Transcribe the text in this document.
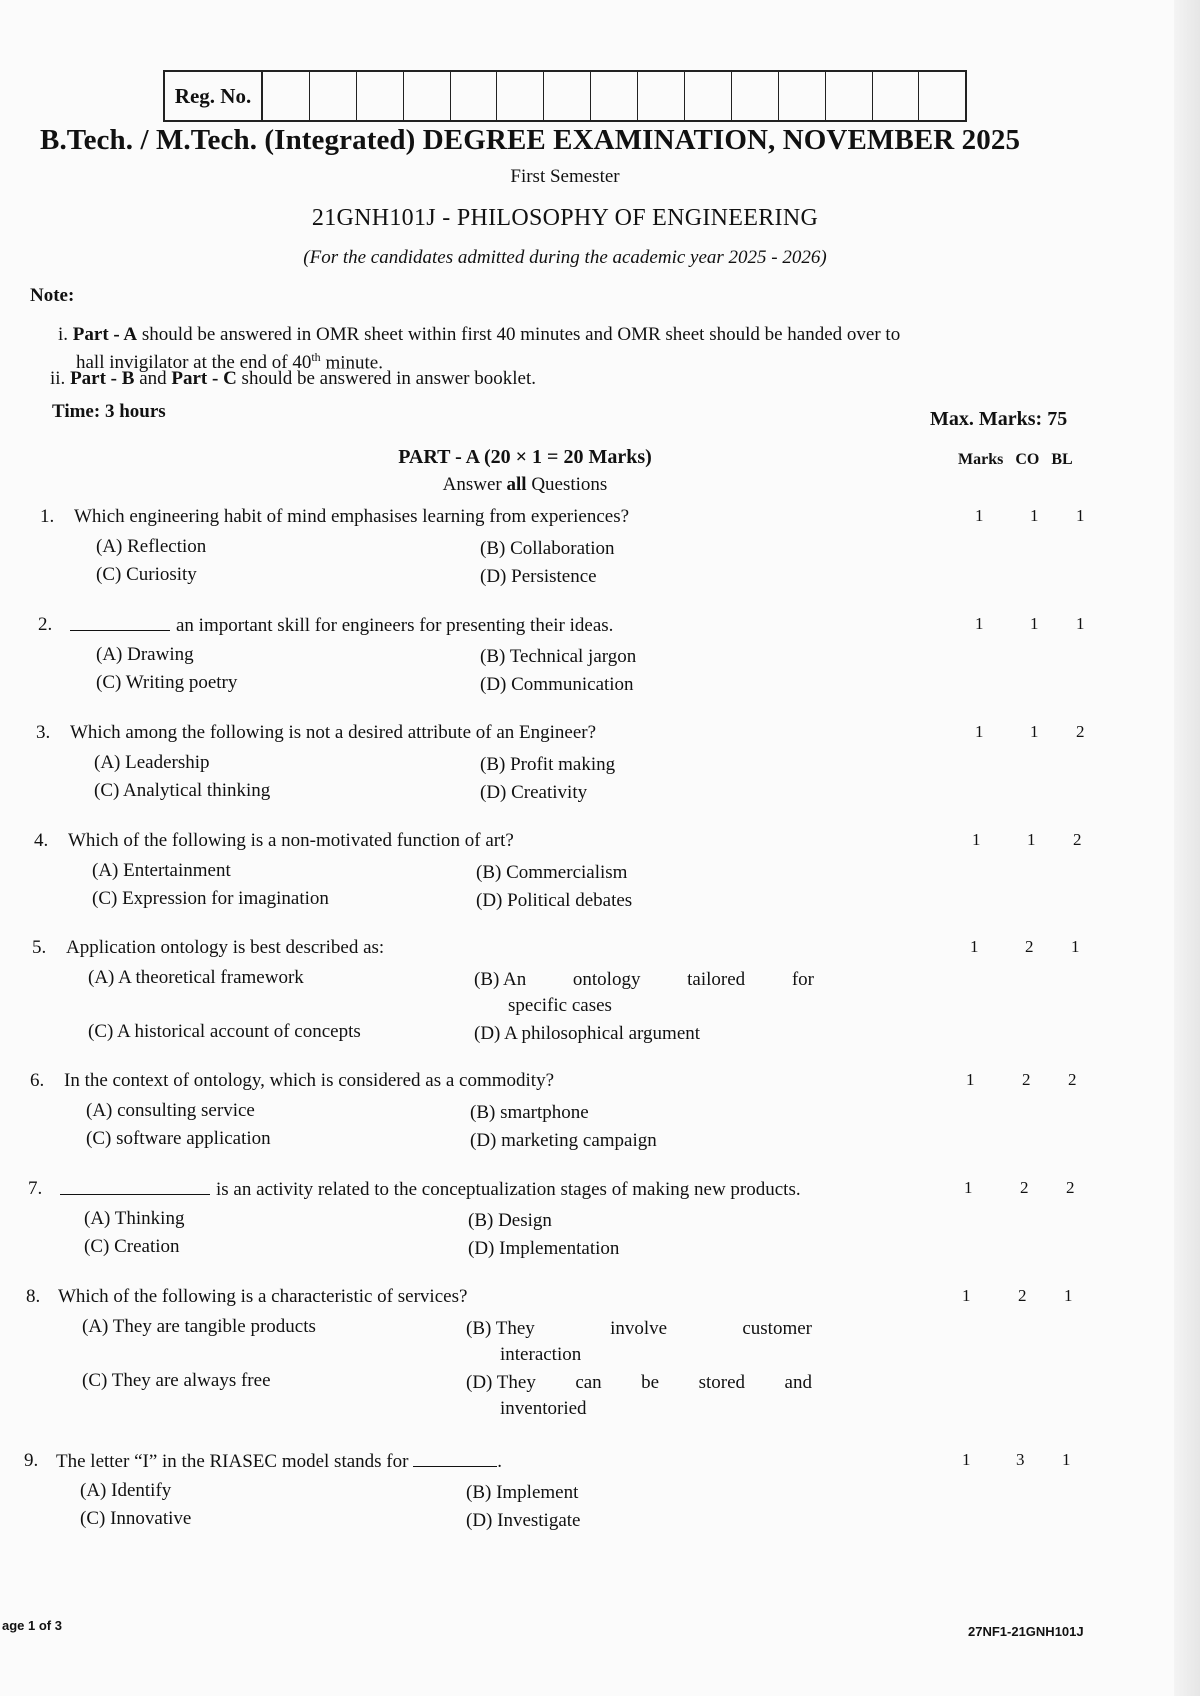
Reg. No.
B.Tech. / M.Tech. (Integrated) DEGREE EXAMINATION, NOVEMBER 2025
First Semester
21GNH101J - PHILOSOPHY OF ENGINEERING
(For the candidates admitted during the academic year 2025 - 2026)
Note:
i. Part - A should be answered in OMR sheet within first 40 minutes and OMR sheet should be handed over to
hall invigilator at the end of 40th minute.
ii. Part - B and Part - C should be answered in answer booklet.
Time: 3 hours	Max. Marks: 75
PART - A (20 × 1 = 20 Marks)
Answer all Questions
Marks CO BL
1. Which engineering habit of mind emphasises learning from experiences?
(A) Reflection	(B) Collaboration
(C) Curiosity	(D) Persistence
1	1 1
2.	an important skill for engineers for presenting their ideas.
(A) Drawing	(B) Technical jargon
(C) Writing poetry	(D) Communication
1	1 1
3. Which among the following is not a desired attribute of an Engineer?
(A) Leadership	(B) Profit making
(C) Analytical thinking	(D) Creativity
1	1 2
4. Which of the following is a non-motivated function of art?
(A) Entertainment	(B) Commercialism
(C) Expression for imagination	(D) Political debates
1	1 2
5. Application ontology is best described as:
(A) A theoretical framework	(B) An ontology tailored for
specific cases
(C) A historical account of concepts	(D) A philosophical argument
1	2 1
6. In the context of ontology, which is considered as a commodity?
(A) consulting service	(B) smartphone
(C) software application	(D) marketing campaign
1	2 2
7.	is an activity related to the conceptualization stages of making new products.
(A) Thinking	(B) Design
(C) Creation	(D) Implementation
1	2 2
8. Which of the following is a characteristic of services?
(A) They are tangible products	(B) They	involve	customer
interaction
(C) They are always free	(D) They can be stored and
inventoried
1	2 1
9. The letter “I” in the RIASEC model stands for	.
(A) Identify	(B) Implement
(C) Innovative	(D) Investigate
1	3 1
age 1 of 3	27NF1-21GNH101J
